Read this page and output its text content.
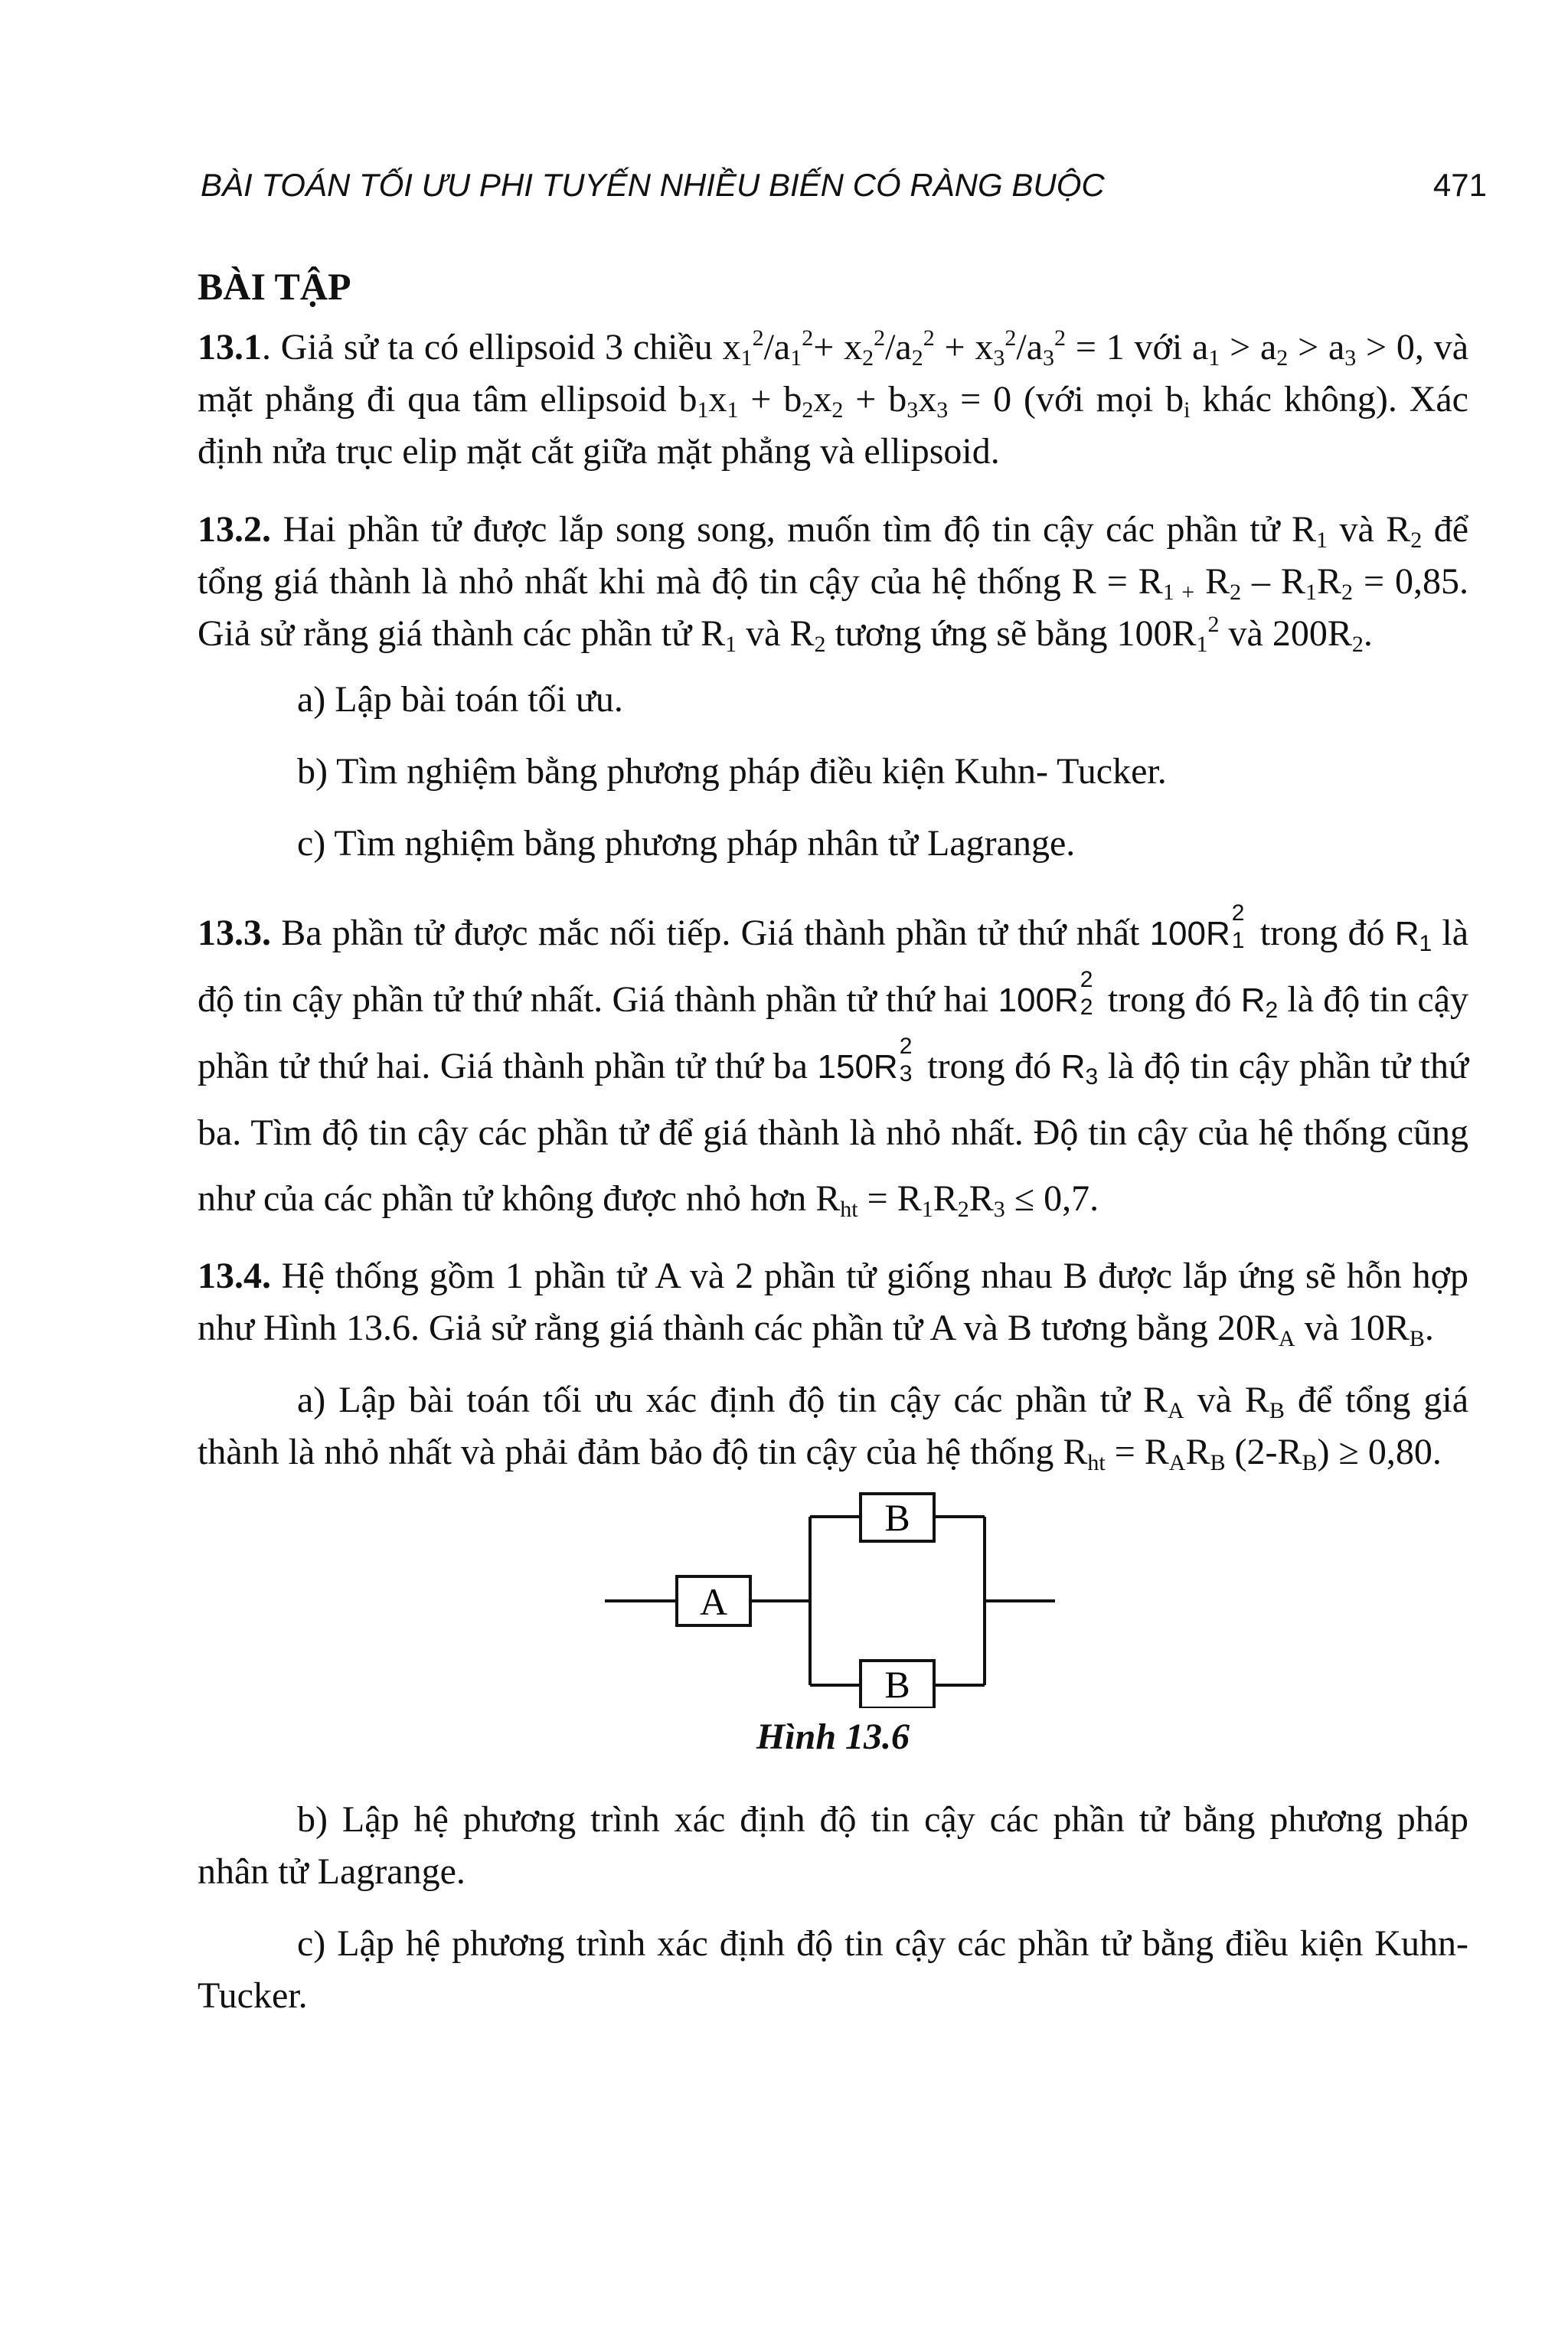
BÀI TOÁN TỐI ƯU PHI TUYẾN NHIỀU BIẾN CÓ RÀNG BUỘC	471
BÀI TẬP

13.1. Giả sử ta có ellipsoid 3 chiều $x_1^2/a_1^2+ x_2^2/a_2^2 + x_3^2/a_3^2 = 1$ với $a_1 > a_2 > a_3 > 0$, và mặt phẳng đi qua tâm ellipsoid $b_1x_1 + b_2x_2 + b_3x_3 = 0$ (với mọi $b_i$ khác không). Xác định nửa trục elip mặt cắt giữa mặt phẳng và ellipsoid.

13.2. Hai phần tử được lắp song song, muốn tìm độ tin cậy các phần tử $R_1$ và $R_2$ để tổng giá thành là nhỏ nhất khi mà độ tin cậy của hệ thống $R = R_{1 +}$ $R_2 - R_1R_2 = 0,85$. Giả sử rằng giá thành các phần tử $R_1$ và $R_2$ tương ứng sẽ bằng $100R_1^2$ và $200R_2$.

a) Lập bài toán tối ưu.

b) Tìm nghiệm bằng phương pháp điều kiện Kuhn- Tucker.

c) Tìm nghiệm bằng phương pháp nhân tử Lagrange.

13.3. Ba phần tử được mắc nối tiếp. Giá thành phần tử thứ nhất 100R
2
1 trong đó $R_1$ là độ tin cậy phần tử thứ nhất. Giá thành phần tử thứ hai 100R
2
2 trong đó $R_2$ là độ tin cậy phần tử thứ hai. Giá thành phần tử thứ ba 150R
2
3 trong đó $R_3$ là độ tin cậy phần tử thứ ba. Tìm độ tin cậy các phần tử để giá thành là nhỏ nhất. Độ tin cậy của hệ thống cũng như của các phần tử không được nhỏ hơn $R_{ht} = R_1R_2R_3 \le 0,7$.

13.4. Hệ thống gồm 1 phần tử A và 2 phần tử giống nhau B được lắp ứng sẽ hỗn hợp như Hình 13.6. Giả sử rằng giá thành các phần tử A và B tương bằng $20R_A$ và $10R_B$.

a) Lập bài toán tối ưu xác định độ tin cậy các phần tử $R_A$ và $R_B$ để tổng giá thành là nhỏ nhất và phải đảm bảo độ tin cậy của hệ thống $R_{ht} = R_AR_B$ $(2-R_B) \ge 0,80$.

A
B
B
Hình 13.6

b) Lập hệ phương trình xác định độ tin cậy các phần tử bằng phương pháp nhân tử Lagrange.

c) Lập hệ phương trình xác định độ tin cậy các phần tử bằng điều kiện Kuhn-Tucker.
